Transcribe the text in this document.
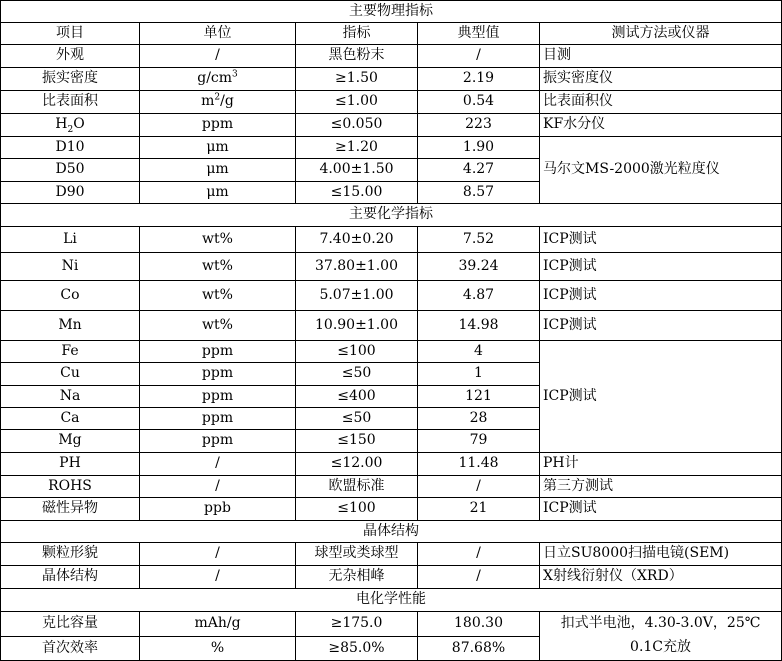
主要物理指标				
项目	单位	指标	典型值	测试方法或仪器
外观	/	黑色粉末	/	目测
振实密度	$g/cm^3$	≥1.50	2.19	振实密度仪
比表面积	$m^2/g$	≤1.00	0.54	比表面积仪
$H_2O$	ppm	≤0.050	223	KF水分仪
D10	μm	≥1.20	1.90	马尔文MS-2000激光粒度仪
D50	μm	4.00±1.50	4.27	
D90	μm	≤15.00	8.57	
主要化学指标				
Li	wt%	7.40±0.20	7.52	ICP测试
Ni	wt%	37.80±1.00	39.24	ICP测试
Co	wt%	5.07±1.00	4.87	ICP测试
Mn	wt%	10.90±1.00	14.98	ICP测试
Fe	ppm	≤100	4	ICP测试
Cu	ppm	≤50	1	
Na	ppm	≤400	121	
Ca	ppm	≤50	28	
Mg	ppm	≤150	79	
PH	/	≤12.00	11.48	PH计
ROHS	/	欧盟标准	/	第三方测试
磁性异物	ppb	≤100	21	ICP测试
晶体结构				
颗粒形貌	/	球型或类球型	/	日立SU8000扫描电镜(SEM)
晶体结构	/	无杂相峰	/	X射线衍射仪（XRD）
电化学性能				
克比容量	mAh/g	≥175.0	180.30	扣式半电池，4.30-3.0V，25℃
0.1C充放
首次效率	%	≥85.0%	87.68%	
